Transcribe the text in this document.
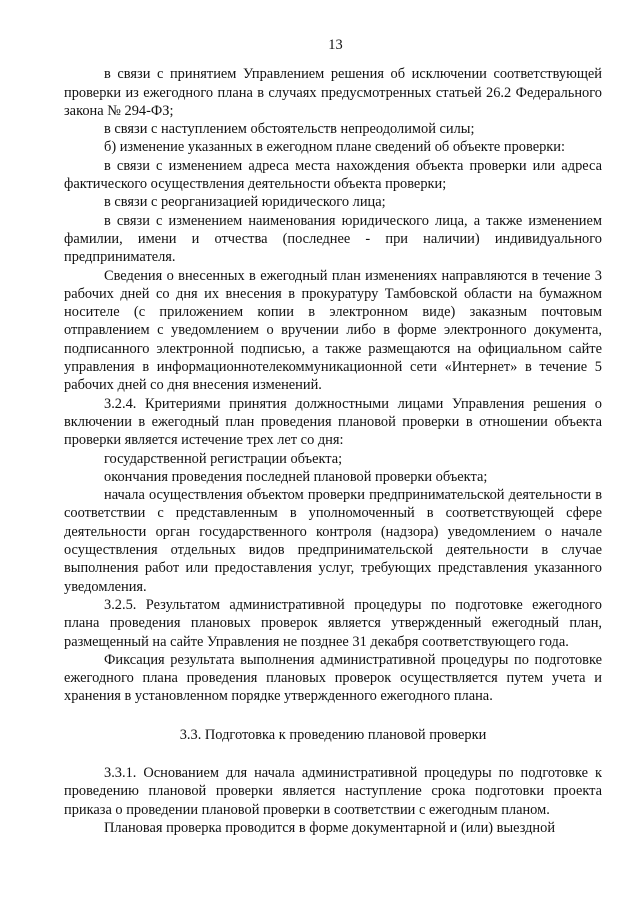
13

в связи с принятием Управлением решения об исключении соответствующей проверки из ежегодного плана в случаях предусмотренных статьей 26.2 Федерального закона № 294-ФЗ;

в связи с наступлением обстоятельств непреодолимой силы;

б) изменение указанных в ежегодном плане сведений об объекте проверки:

в связи с изменением адреса места нахождения объекта проверки или адреса фактического осуществления деятельности объекта проверки;

в связи с реорганизацией юридического лица;

в связи с изменением наименования юридического лица, а также изменением фамилии, имени и отчества (последнее - при наличии) индивидуального предпринимателя.

Сведения о внесенных в ежегодный план изменениях направляются в течение 3 рабочих дней со дня их внесения в прокуратуру Тамбовской области на бумажном носителе (с приложением копии в электронном виде) заказным почтовым отправлением с уведомлением о вручении либо в форме электронного документа, подписанного электронной подписью, а также размещаются на официальном сайте управления в информационнотелекоммуникационной сети «Интернет» в течение 5 рабочих дней со дня внесения изменений.

3.2.4. Критериями принятия должностными лицами Управления решения о включении в ежегодный план проведения плановой проверки в отношении объекта проверки является истечение трех лет со дня:

государственной регистрации объекта;

окончания проведения последней плановой проверки объекта;

начала осуществления объектом проверки предпринимательской деятельности в соответствии с представленным в уполномоченный в соответствующей сфере деятельности орган государственного контроля (надзора) уведомлением о начале осуществления отдельных видов предпринимательской деятельности в случае выполнения работ или предоставления услуг, требующих представления указанного уведомления.

3.2.5. Результатом административной процедуры по подготовке ежегодного плана проведения плановых проверок является утвержденный ежегодный план, размещенный на сайте Управления не позднее 31 декабря соответствующего года.

Фиксация результата выполнения административной процедуры по подготовке ежегодного плана проведения плановых проверок осуществляется путем учета и хранения в установленном порядке утвержденного ежегодного плана.

3.3. Подготовка к проведению плановой проверки

3.3.1. Основанием для начала административной процедуры по подготовке к проведению плановой проверки является наступление срока подготовки проекта приказа о проведении плановой проверки в соответствии с ежегодным планом.

Плановая проверка проводится в форме документарной и (или) выездной
